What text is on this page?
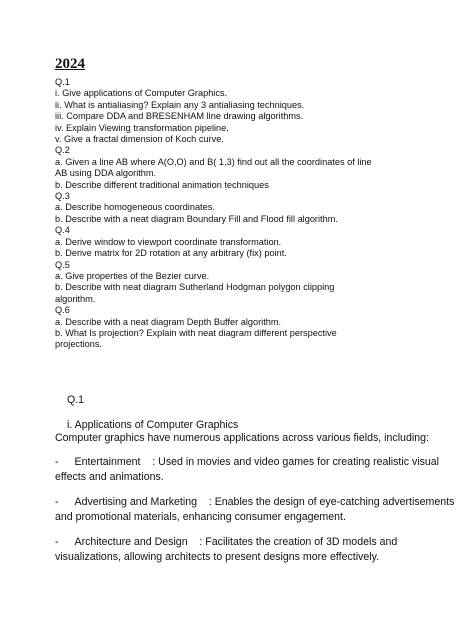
2024
Q.1
i. Give applications of Computer Graphics.
ii. What is antialiasing? Explain any 3 antialiasing techniques.
iii. Compare DDA and BRESENHAM line drawing algorithms.
iv. Explain Viewing transformation pipeline.
v. Give a fractal dimension of Koch curve.
Q.2
a. Given a line AB where A(O,O) and B( 1,3) find out all the coordinates of line
AB using DDA algorithm.
b. Describe different traditional animation techniques
Q.3
a. Describe homogeneous coordinates.
b. Describe with a neat diagram Boundary Fill and Flood fill algorithm.
Q.4
a. Derive window to viewport coordinate transformation.
b. Derive matrix for 2D rotation at any arbitrary (fix) point.
Q.5
a. Give properties of the Bezier curve.
b. Describe with neat diagram Sutherland Hodgman polygon clipping
algorithm.
Q.6
a. Describe with a neat diagram Depth Buffer algorithm.
b. What Is projection? Explain with neat diagram different perspective
projections.
Q.1
i. Applications of Computer Graphics
Computer graphics have numerous applications across various fields, including:
- Entertainment : Used in movies and video games for creating realistic visual effects and animations.
- Advertising and Marketing : Enables the design of eye-catching advertisements and promotional materials, enhancing consumer engagement.
- Architecture and Design : Facilitates the creation of 3D models and visualizations, allowing architects to present designs more effectively.
